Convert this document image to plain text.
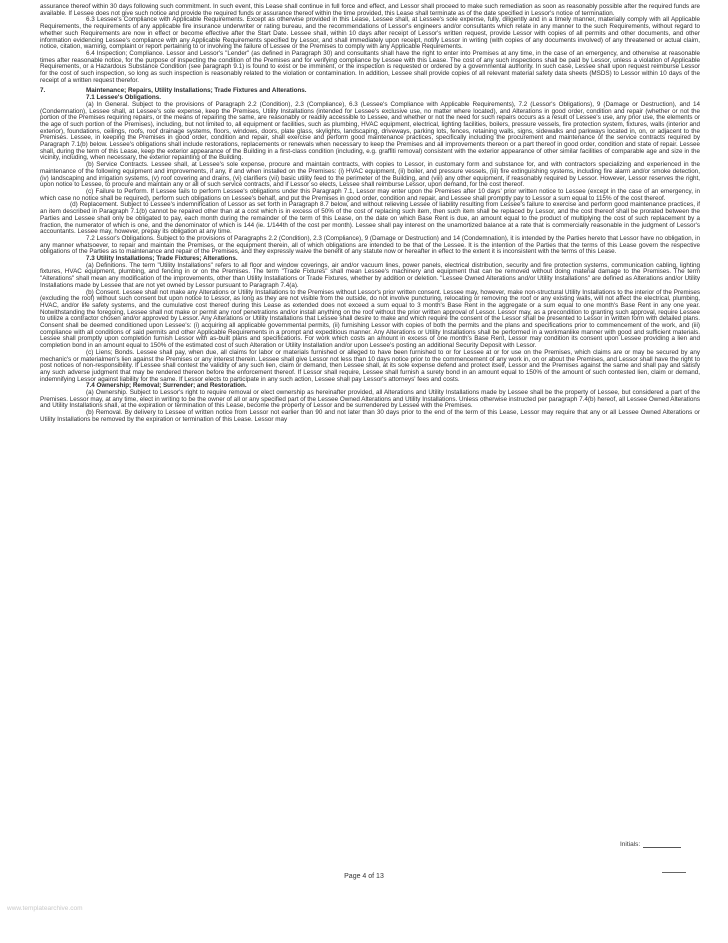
assurance thereof within 30 days following such commitment. In such event, this Lease shall continue in full force and effect, and Lessor shall proceed to make such remediation as soon as reasonably possible after the required funds are available. If Lessee does not give such notice and provide the required funds or assurance thereof within the time provided, this Lease shall terminate as of the date specified in Lessor's notice of termination.

6.3 Lessee's Compliance with Applicable Requirements. Except as otherwise provided in this Lease, Lessee shall, at Lessee's sole expense, fully, diligently and in a timely manner, materially comply with all Applicable Requirements, the requirements of any applicable fire insurance underwriter or rating bureau, and the recommendations of Lessor's engineers and/or consultants which relate in any manner to the such Requirements, without regard to whether such Requirements are now in effect or become effective after the Start Date. Lessee shall, within 10 days after receipt of Lessor's written request, provide Lessor with copies of all permits and other documents, and other information evidencing Lessee's compliance with any Applicable Requirements specified by Lessor, and shall immediately upon receipt, notify Lessor in writing (with copies of any documents involved) of any threatened or actual claim, notice, citation, warning, complaint or report pertaining to or involving the failure of Lessee or the Premises to comply with any Applicable Requirements.

6.4 Inspection; Compliance. Lessor and Lessor's "Lender" (as defined in Paragraph 30) and consultants shall have the right to enter into Premises at any time, in the case of an emergency, and otherwise at reasonable times after reasonable notice, for the purpose of inspecting the condition of the Premises and for verifying compliance by Lessee with this Lease. The cost of any such inspections shall be paid by Lessor, unless a violation of Applicable Requirements, or a Hazardous Substance Condition (see paragraph 9.1) is found to exist or be imminent, or the inspection is requested or ordered by a governmental authority. In such case, Lessee shall upon request reimburse Lessor for the cost of such inspection, so long as such inspection is reasonably related to the violation or contamination. In addition, Lessee shall provide copies of all relevant material safety data sheets (MSDS) to Lessor within 10 days of the receipt of a written request therefor.

7.	Maintenance; Repairs, Utility Installations; Trade Fixtures and Alterations.

7.1 Lessee's Obligations.

(a) In General. Subject to the provisions of Paragraph 2.2 (Condition), 2.3 (Compliance), 6.3 (Lessee's Compliance with Applicable Requirements), 7.2 (Lessor's Obligations), 9 (Damage or Destruction), and 14 (Condemnation), Lessee shall, at Lessee's sole expense, keep the Premises, Utility Installations (intended for Lessee's exclusive use, no matter where located), and Alterations in good order, condition and repair (whether or not the portion of the Premises requiring repairs, or the means of repairing the same, are reasonably or readily accessible to Lessee, and whether or not the need for such repairs occurs as a result of Lessee's use, any prior use, the elements or the age of such portion of the Premises), including, but not limited to, all equipment or facilities, such as plumbing, HVAC equipment, electrical, lighting facilities, boilers, pressure vessels, fire protection system, fixtures, walls (interior and exterior), foundations, ceilings, roofs, roof drainage systems, floors, windows, doors, plate glass, skylights, landscaping, driveways, parking lots, fences, retaining walls, signs, sidewalks and parkways located in, on, or adjacent to the Premises. Lessee, in keeping the Premises in good order, condition and repair, shall exercise and perform good maintenance practices, specifically including the procurement and maintenance of the service contracts required by Paragraph 7.1(b) below. Lessee's obligations shall include restorations, replacements or renewals when necessary to keep the Premises and all improvements thereon or a part thereof in good order, condition and state of repair. Lessee shall, during the term of this Lease, keep the exterior appearance of the Building in a first-class condition (including, e.g. graffiti removal) consistent with the exterior appearance of other similar facilities of comparable age and size in the vicinity, including, when necessary, the exterior repainting of the Building.

(b) Service Contracts. Lessee shall, at Lessee's sole expense, procure and maintain contracts, with copies to Lessor, in customary form and substance for, and with contractors specializing and experienced in the maintenance of the following equipment and improvements, if any, if and when installed on the Premises: (i) HVAC equipment, (ii) boiler, and pressure vessels, (iii) fire extinguishing systems, including fire alarm and/or smoke detection, (iv) landscaping and irrigation systems, (v) roof covering and drains, (vi) clarifiers (vii) basic utility feed to the perimeter of the Building, and (viii) any other equipment, if reasonably required by Lessor. However, Lessor reserves the right, upon notice to Lessee, to procure and maintain any or all of such service contracts, and if Lessor so elects, Lessee shall reimburse Lessor, upon demand, for the cost thereof.

(c) Failure to Perform. If Lessee fails to perform Lessee's obligations under this Paragraph 7.1, Lessor may enter upon the Premises after 10 days' prior written notice to Lessee (except in the case of an emergency, in which case no notice shall be required), perform such obligations on Lessee's behalf, and put the Premises in good order, condition and repair, and Lessee shall promptly pay to Lessor a sum equal to 115% of the cost thereof.

(d) Replacement. Subject to Lessee's indemnification of Lessor as set forth in Paragraph 8.7 below, and without relieving Lessee of liability resulting from Lessee's failure to exercise and perform good maintenance practices, if an item described in Paragraph 7.1(b) cannot be repaired other than at a cost which is in excess of 50% of the cost of replacing such item, then such item shall be replaced by Lessor, and the cost thereof shall be prorated between the Parties and Lessee shall only be obligated to pay, each month during the remainder of the term of this Lease, on the date on which Base Rent is due, an amount equal to the product of multiplying the cost of such replacement by a fraction, the numerator of which is one, and the denominator of which is 144 (ie. 1/144th of the cost per month). Lessee shall pay interest on the unamortized balance at a rate that is commercially reasonable in the judgment of Lessor's accountants. Lessee may, however, prepay its obligation at any time.

7.2 Lessor's Obligations. Subject to the provisions of Paragraphs 2.2 (Condition), 2.3 (Compliance), 9 (Damage or Destruction) and 14 (Condemnation), it is intended by the Parties hereto that Lessor have no obligation, in any manner whatsoever, to repair and maintain the Premises, or the equipment therein, all of which obligations are intended to be that of the Lessee. It is the intention of the Parties that the terms of this Lease govern the respective obligations of the Parties as to maintenance and repair of the Premises, and they expressly waive the benefit of any statute now or hereafter in effect to the extent it is inconsistent with the terms of this Lease.

7.3 Utility Installations; Trade Fixtures; Alterations.

(a) Definitions. The term "Utility Installations" refers to all floor and window coverings, air and/or vacuum lines, power panels, electrical distribution, security and fire protection systems, communication cabling, lighting fixtures, HVAC equipment, plumbing, and fencing in or on the Premises. The term "Trade Fixtures" shall mean Lessee's machinery and equipment that can be removed without doing material damage to the Premises. The term "Alterations" shall mean any modification of the improvements, other than Utility Installations or Trade Fixtures, whether by addition or deletion. "Lessee Owned Alterations and/or Utility Installations" are defined as Alterations and/or Utility Installations made by Lessee that are not yet owned by Lessor pursuant to Paragraph 7.4(a).

(b) Consent. Lessee shall not make any Alterations or Utility Installations to the Premises without Lessor's prior written consent. Lessee may, however, make non-structural Utility Installations to the interior of the Premises (excluding the roof) without such consent but upon notice to Lessor, as long as they are not visible from the outside, do not involve puncturing, relocating or removing the roof or any existing walls, will not affect the electrical, plumbing, HVAC, and/or life safety systems, and the cumulative cost thereof during this Lease as extended does not exceed a sum equal to 3 month's Base Rent in the aggregate or a sum equal to one month's Base Rent in any one year. Notwithstanding the foregoing, Lessee shall not make or permit any roof penetrations and/or install anything on the roof without the prior written approval of Lessor. Lessor may, as a precondition to granting such approval, require Lessee to utilize a contractor chosen and/or approved by Lessor. Any Alterations or Utility Installations that Lessee shall desire to make and which require the consent of the Lessor shall be presented to Lessor in written form with detailed plans. Consent shall be deemed conditioned upon Lessee's: (i) acquiring all applicable governmental permits, (ii) furnishing Lessor with copies of both the permits and the plans and specifications prior to commencement of the work, and (iii) compliance with all conditions of said permits and other Applicable Requirements in a prompt and expeditious manner. Any Alterations or Utility Installations shall be performed in a workmanlike manner with good and sufficient materials. Lessee shall promptly upon completion furnish Lessor with as-built plans and specifications. For work which costs an amount in excess of one month's Base Rent, Lessor may condition its consent upon Lessee providing a lien and completion bond in an amount equal to 150% of the estimated cost of such Alteration or Utility Installation and/or upon Lessee's posting an additional Security Deposit with Lessor.

(c) Liens; Bonds. Lessee shall pay, when due, all claims for labor or materials furnished or alleged to have been furnished to or for Lessee at or for use on the Premises, which claims are or may be secured by any mechanic's or materialmen's lien against the Premises or any interest therein. Lessee shall give Lessor not less than 10 days notice prior to the commencement of any work in, on or about the Premises, and Lessor shall have the right to post notices of non-responsibility. If Lessee shall contest the validity of any such lien, claim or demand, then Lessee shall, at its sole expense defend and protect itself, Lessor and the Premises against the same and shall pay and satisfy any such adverse judgment that may be rendered thereon before the enforcement thereof. If Lessor shall require, Lessee shall furnish a surety bond in an amount equal to 150% of the amount of such contested lien, claim or demand, indemnifying Lessor against liability for the same. If Lessor elects to participate in any such action, Lessee shall pay Lessor's attorneys' fees and costs.

7.4 Ownership; Removal; Surrender; and Restoration.

(a) Ownership. Subject to Lessor's right to require removal or elect ownership as hereinafter provided, all Alterations and Utility Installations made by Lessee shall be the property of Lessee, but considered a part of the Premises. Lessor may, at any time, elect in writing to be the owner of all or any specified part of the Lessee Owned Alterations and Utility Installations. Unless otherwise instructed per paragraph 7.4(b) hereof, all Lessee Owned Alterations and Utility Installations shall, at the expiration or termination of this Lease, become the property of Lessor and be surrendered by Lessee with the Premises.

(b) Removal. By delivery to Lessee of written notice from Lessor not earlier than 90 and not later than 30 days prior to the end of the term of this Lease, Lessor may require that any or all Lessee Owned Alterations or Utility Installations be removed by the expiration or termination of this Lease. Lessor may

Initials:
Page 4 of 13
www.templatearchive.com
